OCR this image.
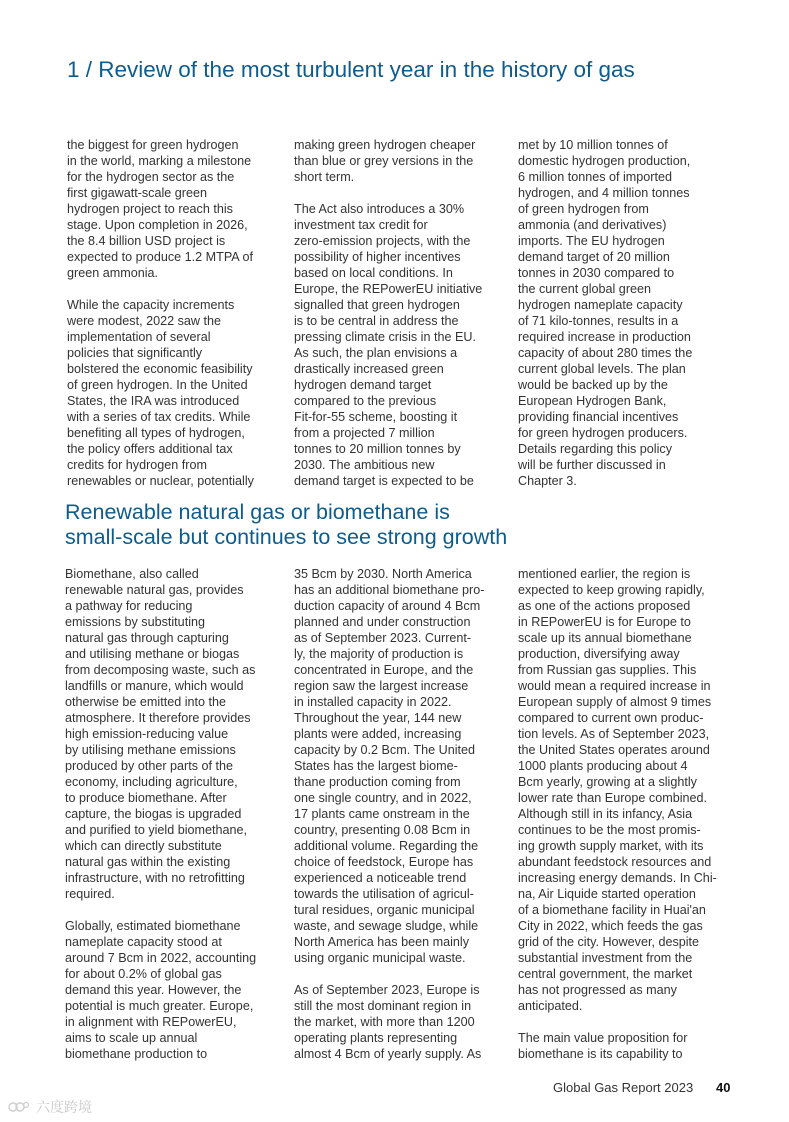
1 / Review of the most turbulent year in the history of gas

the biggest for green hydrogen
in the world, marking a milestone
for the hydrogen sector as the
first gigawatt-scale green
hydrogen project to reach this
stage. Upon completion in 2026,
the 8.4 billion USD project is
expected to produce 1.2 MTPA of
green ammonia.

While the capacity increments
were modest, 2022 saw the
implementation of several
policies that significantly
bolstered the economic feasibility
of green hydrogen. In the United
States, the IRA was introduced
with a series of tax credits. While
benefiting all types of hydrogen,
the policy offers additional tax
credits for hydrogen from
renewables or nuclear, potentially

making green hydrogen cheaper
than blue or grey versions in the
short term.

The Act also introduces a 30%
investment tax credit for
zero-emission projects, with the
possibility of higher incentives
based on local conditions. In
Europe, the REPowerEU initiative
signalled that green hydrogen
is to be central in address the
pressing climate crisis in the EU.
As such, the plan envisions a
drastically increased green
hydrogen demand target
compared to the previous
Fit-for-55 scheme, boosting it
from a projected 7 million
tonnes to 20 million tonnes by
2030. The ambitious new
demand target is expected to be

met by 10 million tonnes of
domestic hydrogen production,
6 million tonnes of imported
hydrogen, and 4 million tonnes
of green hydrogen from
ammonia (and derivatives)
imports. The EU hydrogen
demand target of 20 million
tonnes in 2030 compared to
the current global green
hydrogen nameplate capacity
of 71 kilo-tonnes, results in a
required increase in production
capacity of about 280 times the
current global levels. The plan
would be backed up by the
European Hydrogen Bank,
providing financial incentives
for green hydrogen producers.
Details regarding this policy
will be further discussed in
Chapter 3.

Renewable natural gas or biomethane is
small-scale but continues to see strong growth

Biomethane, also called
renewable natural gas, provides
a pathway for reducing
emissions by substituting
natural gas through capturing
and utilising methane or biogas
from decomposing waste, such as
landfills or manure, which would
otherwise be emitted into the
atmosphere. It therefore provides
high emission-reducing value
by utilising methane emissions
produced by other parts of the
economy, including agriculture,
to produce biomethane. After
capture, the biogas is upgraded
and purified to yield biomethane,
which can directly substitute
natural gas within the existing
infrastructure, with no retrofitting
required.

Globally, estimated biomethane
nameplate capacity stood at
around 7 Bcm in 2022, accounting
for about 0.2% of global gas
demand this year. However, the
potential is much greater. Europe,
in alignment with REPowerEU,
aims to scale up annual
biomethane production to

35 Bcm by 2030. North America
has an additional biomethane pro-
duction capacity of around 4 Bcm
planned and under construction
as of September 2023. Current-
ly, the majority of production is
concentrated in Europe, and the
region saw the largest increase
in installed capacity in 2022.
Throughout the year, 144 new
plants were added, increasing
capacity by 0.2 Bcm. The United
States has the largest biome-
thane production coming from
one single country, and in 2022,
17 plants came onstream in the
country, presenting 0.08 Bcm in
additional volume. Regarding the
choice of feedstock, Europe has
experienced a noticeable trend
towards the utilisation of agricul-
tural residues, organic municipal
waste, and sewage sludge, while
North America has been mainly
using organic municipal waste.

As of September 2023, Europe is
still the most dominant region in
the market, with more than 1200
operating plants representing
almost 4 Bcm of yearly supply. As

mentioned earlier, the region is
expected to keep growing rapidly,
as one of the actions proposed
in REPowerEU is for Europe to
scale up its annual biomethane
production, diversifying away
from Russian gas supplies. This
would mean a required increase in
European supply of almost 9 times
compared to current own produc-
tion levels. As of September 2023,
the United States operates around
1000 plants producing about 4
Bcm yearly, growing at a slightly
lower rate than Europe combined.
Although still in its infancy, Asia
continues to be the most promis-
ing growth supply market, with its
abundant feedstock resources and
increasing energy demands. In Chi-
na, Air Liquide started operation
of a biomethane facility in Huai'an
City in 2022, which feeds the gas
grid of the city. However, despite
substantial investment from the
central government, the market
has not progressed as many
anticipated.

The main value proposition for
biomethane is its capability to

Global Gas Report 2023 40
六度跨境
